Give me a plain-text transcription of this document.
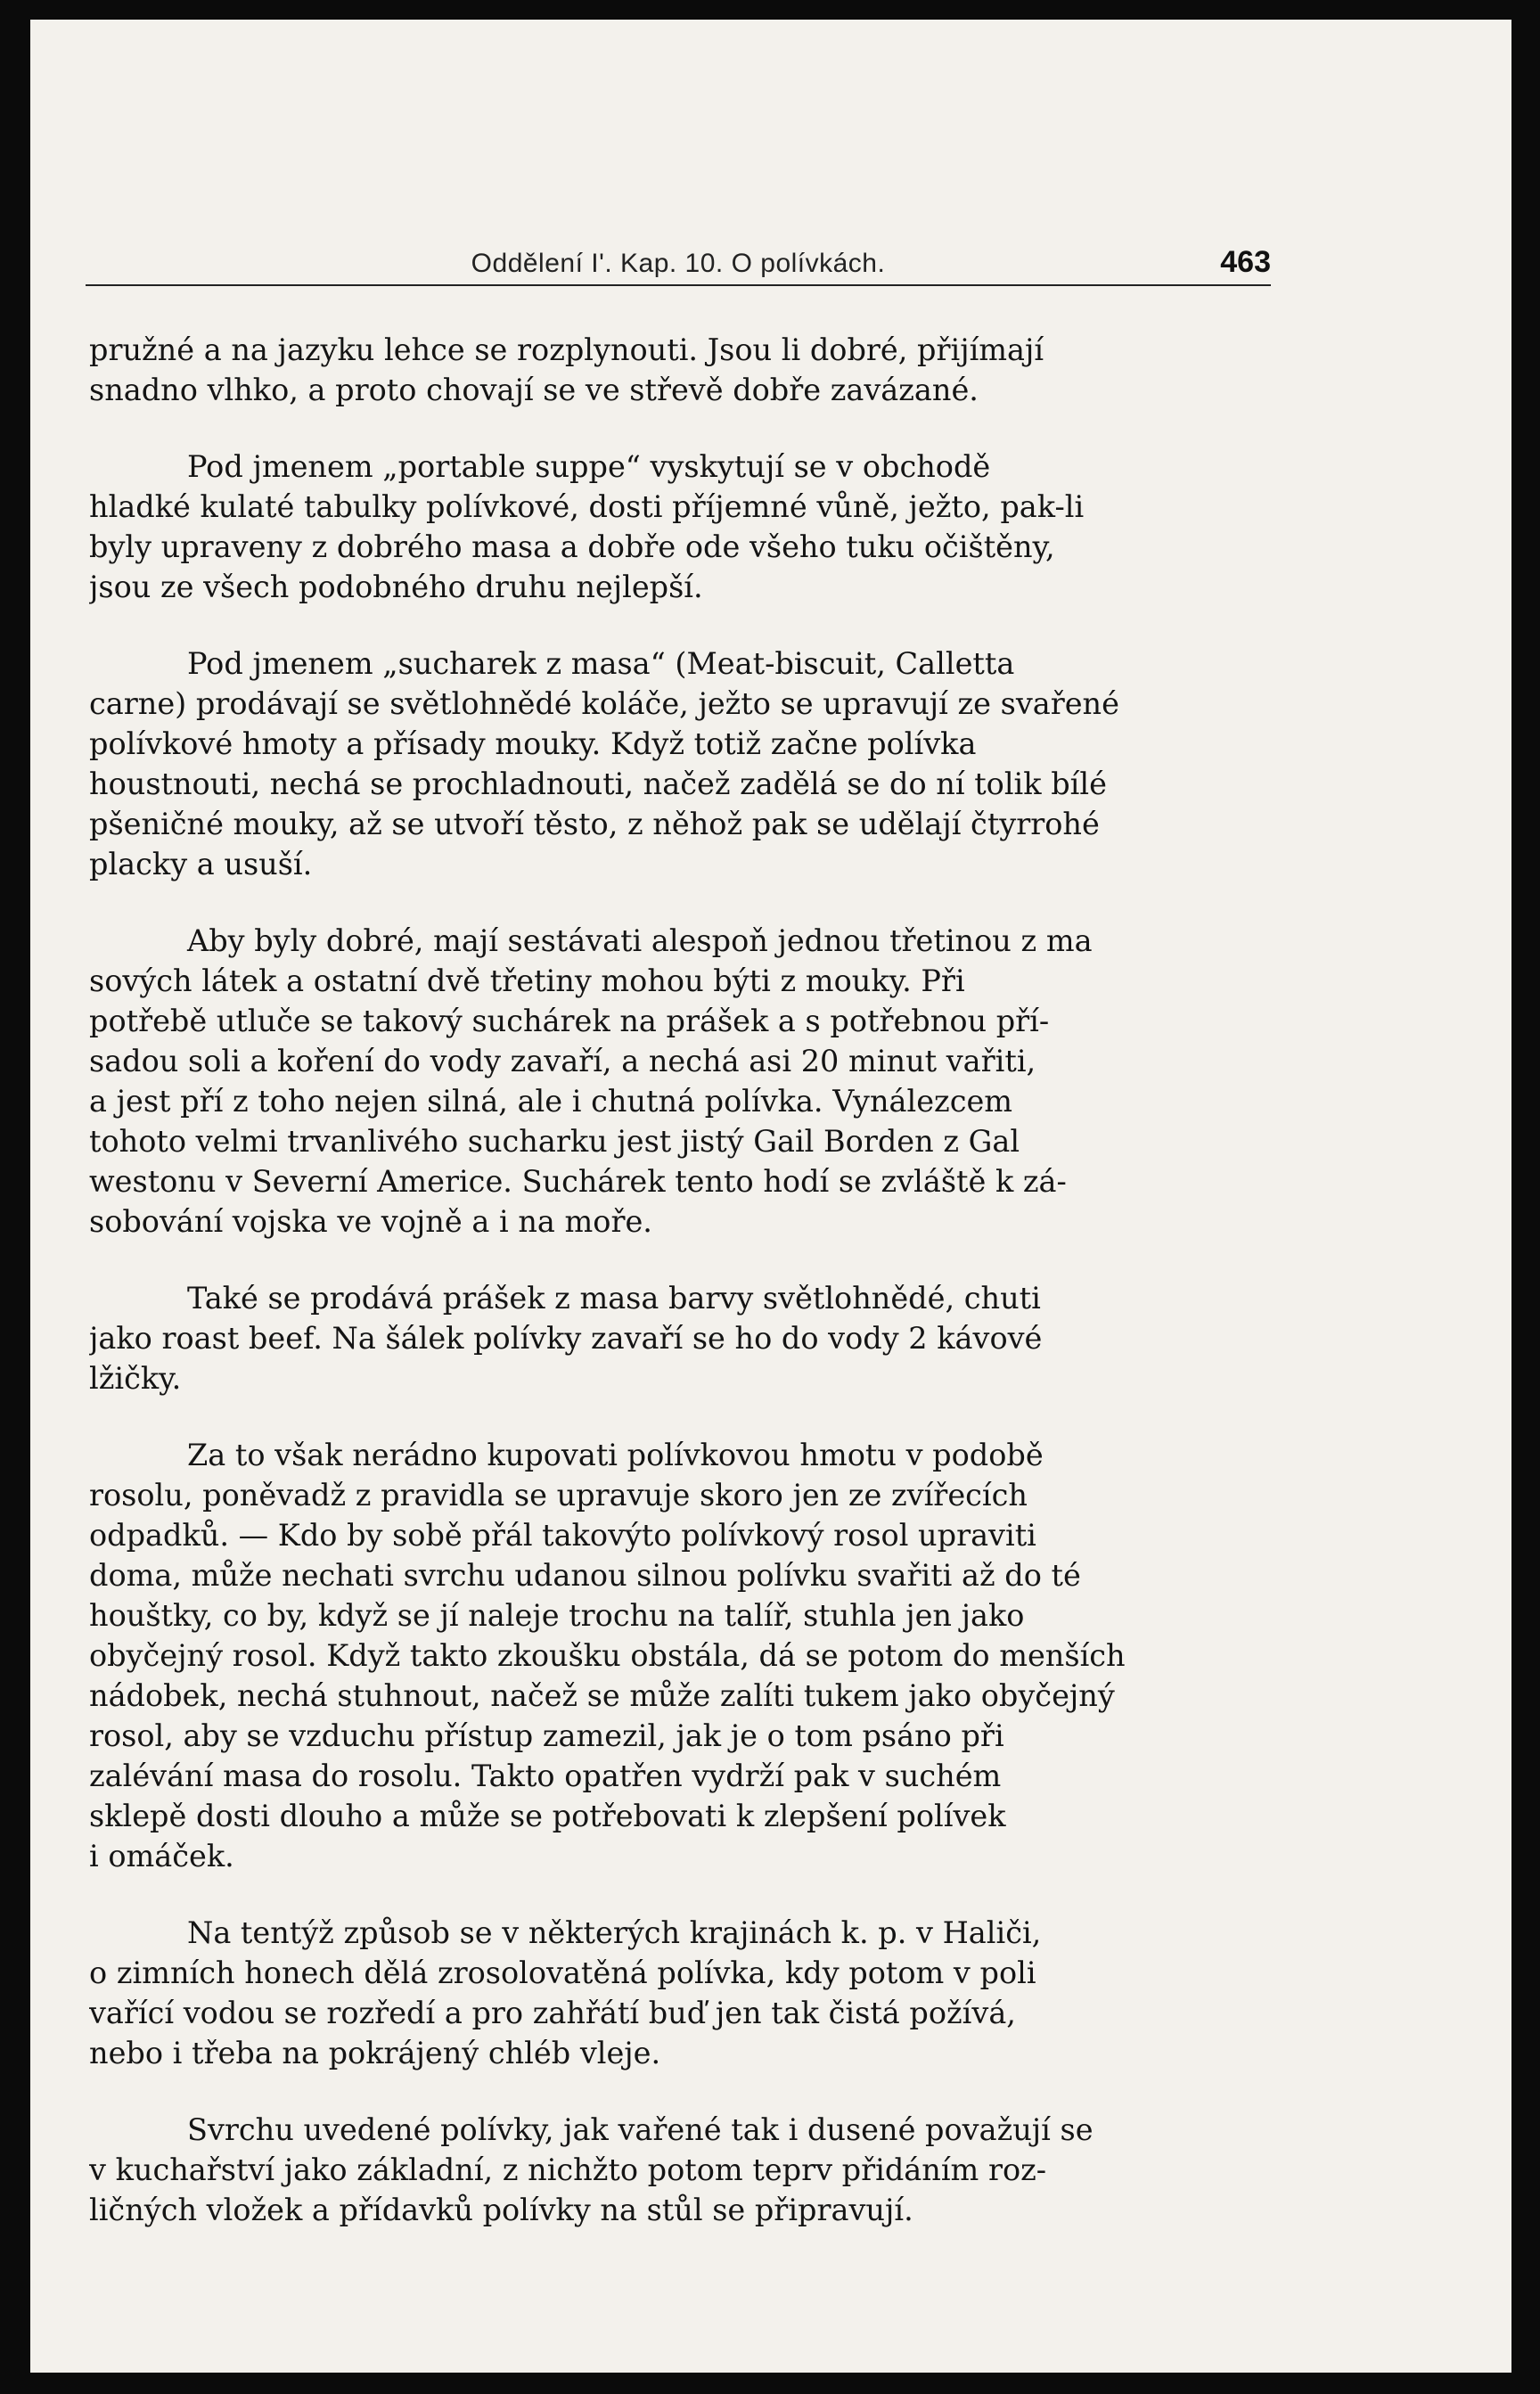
Oddělení I'. Kap. 10. O polívkách.	463

pružné a na jazyku lehce se rozplynouti. Jsou li dobré, přijímají
snadno vlhko, a proto chovají se ve střevě dobře zavázané.

Pod jmenem „portable suppe“ vyskytují se v obchodě
hladké kulaté tabulky polívkové, dosti příjemné vůně, ježto, pak-li
byly upraveny z dobrého masa a dobře ode všeho tuku očištěny,
jsou ze všech podobného druhu nejlepší.

Pod jmenem „sucharek z masa“ (Meat-biscuit, Calletta
carne) prodávají se světlohnědé koláče, ježto se upravují ze svařené
polívkové hmoty a přísady mouky. Když totiž začne polívka
houstnouti, nechá se prochladnouti, načež zadělá se do ní tolik bílé
pšeničné mouky, až se utvoří těsto, z něhož pak se udělají čtyrrohé
placky a usuší.

Aby byly dobré, mají sestávati alespoň jednou třetinou z ma
sových látek a ostatní dvě třetiny mohou býti z mouky. Při
potřebě utluče se takový suchárek na prášek a s potřebnou pří-
sadou soli a koření do vody zavaří, a nechá asi 20 minut vařiti,
a jest pří z toho nejen silná, ale i chutná polívka. Vynálezcem
tohoto velmi trvanlivého sucharku jest jistý Gail Borden z Gal
westonu v Severní Americe. Suchárek tento hodí se zvláště k zá-
sobování vojska ve vojně a i na moře.

Také se prodává prášek z masa barvy světlohnědé, chuti
jako roast beef. Na šálek polívky zavaří se ho do vody 2 kávové
lžičky.

Za to však nerádno kupovati polívkovou hmotu v podobě
rosolu, poněvadž z pravidla se upravuje skoro jen ze zvířecích
odpadků. — Kdo by sobě přál takovýto polívkový rosol upraviti
doma, může nechati svrchu udanou silnou polívku svařiti až do té
houštky, co by, když se jí naleje trochu na talíř, stuhla jen jako
obyčejný rosol. Když takto zkoušku obstála, dá se potom do menších
nádobek, nechá stuhnout, načež se může zalíti tukem jako obyčejný
rosol, aby se vzduchu přístup zamezil, jak je o tom psáno při
zalévání masa do rosolu. Takto opatřen vydrží pak v suchém
sklepě dosti dlouho a může se potřebovati k zlepšení polívek
i omáček.

Na tentýž způsob se v některých krajinách k. p. v Haliči,
o zimních honech dělá zrosolovatěná polívka, kdy potom v poli
vařící vodou se rozředí a pro zahřátí buď jen tak čistá požívá,
nebo i třeba na pokrájený chléb vleje.

Svrchu uvedené polívky, jak vařené tak i dusené považují se
v kuchařství jako základní, z nichžto potom teprv přidáním roz-
ličných vložek a přídavků polívky na stůl se připravují.
